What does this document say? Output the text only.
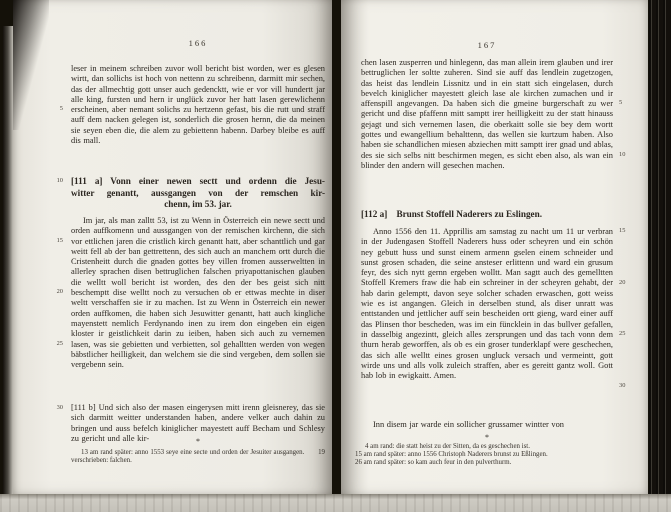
166

leser in meinem schreiben zuvor woll bericht bist worden, wer es glesen wirtt, dan sollichs ist hoch von nettenn zu schreibenn, darmitt mir sechen, das der allmechtig gott unser auch gedencktt, wie er vor vill hundertt jar alle king, fursten und hern ir unglück zuvor her hatt lasen gerewlichenn erscheinen, aber nemant solichs zu hertzenn gefast, bis die rutt und straff auff dem nacken gelegen ist, sonderlich die grosen hernn, die da meinen sie seyen eben die, die alem zu gebiettenn habenn. Darbey bleibe es auff dis mall.

[111 a] Vonn einer newen sectt und ordenn die Jesu-
witter genantt, aussgangen von der remschen kir-
chenn, im 53. jar.

Im jar, als man zalltt 53, ist zu Wenn in Österreich ein newe sectt und orden auffkomenn und aussgangen von der remischen kirchenn, die sich vor ettlichen jaren die cristlich kirch genantt hatt, aber schanttlich und gar weitt fell ab der ban gettrettenn, des sich auch an manchem ortt durch die Cristenheitt durch die gnaden gottes bey villen fromen ausserweltten in allerley sprachen disen bettruglichen falschen priyapottanischen glauben die welltt woll bericht ist worden, des den der bes geist sich nitt beschemptt dise welltt noch zu versuchen ob er ettwas mechte in diser weltt verschaffen sie ir zu machen. Ist zu Wenn in Österreich ein newer orden auffkomen, die haben sich Jesuwitter genantt, hatt auch kingliche mayenstett nemlich Ferdynando inen zu irem don eingeben ein eigen kloster ir geistlichkeit darin zu ieiben, haben sich auch zu vernemen lasen, was sie gebietten und verbietten, sol gehalltten werden von wegen bäbstlicher heilligkeit, dan welchem sie die sind vergeben, dem sollen sie vergebenn sein.

[111 b] Und sich also der masen eingerysen mitt irenn gleisnerey, das sie sich darmitt weitter understanden haben, andere velker auch dahin zu bringen und auss befelch kiniglicher mayestett auff Becham und Schlesy zu gericht und alle kir-	*

13 am rand später: anno 1553 seye eine secte und orden der Jesuiter ausgangen.  19 verschrieben: falchen.

5
10
15
20
25
30
167

chen lasen zusperren und hinlegenn, das man allein irem glauben und irer bettruglichen ler soltte zuheren. Sind sie auff das lendlein zugetzogen, das heist das lendlein Lissnitz und in ein statt sich eingelasen, durch bevelch kiniglicher mayestett gleich lase ale kirchen zumachen und ir affenspill angevangen. Da haben sich die gmeine burgerschaft zu wer gericht und dise pfaffenn mitt samptt irer heilligkeitt zu der statt hinauss gejagt und sich vernemen lasen, die oberkaitt solle sie bey dem wortt gottes und ewangellium behalttenn, das wellen sie kurtzum haben. Also haben sie schandlichen miesen abziechen mitt samptt irer gnad und ablas, des sie sich selbs nitt beschirmen megen, es sicht eben also, als wan ein blinder den andern will gesechen machen.

[112 a]  Brunst Stoffell Naderers zu Eslingen.

Anno 1556 den 11. Apprillis am samstag zu nacht um 11 ur verbran in der Judengasen Stoffell Naderers huss oder scheyren und ein schön ney gebutt huss und sunst einem armenn gselen einem schneider und sunst grosen schaden, die seine ansteser erlittenn und ward ein grusum feyr, des sich nytt gernn ergeben wolltt. Man sagtt auch des gemelltten Stoffell Kremers fraw die hab ein schreiner in der scheyren gehabt, der hab darin gelemptt, davon seye solcher schaden erwaschen, gott weiss wie es ist angangen. Gleich in derselben stund, als diser unratt was enttstanden und jettlicher auff sein bescheiden ortt gieng, ward einer auff das Plinsen thor bescheden, was im ein füncklein in das bullver gefallen, in dasselbig angezintt, gleich alles zersprungen und das tach vonn dem thurn herab geworffen, als ob es ein groser tunderklapf were geschechen, das sich alle welltt eines grosen ungluck versach und vermeintt, gott wirde uns und alls volk zuleich straffen, aber es gereitt gantz woll. Gott hab lob in ewigkaitt. Amen.

Inn disem jar warde ein sollicher grussamer wintter von

*

4 am rand: die statt heist zu der Sitten, da es geschechen ist.

15 am rand später: anno 1556 Christoph Naderers brunst zu Eßlingen.

26 am rand später: so kam auch feur in den pulverthurm.

5
10
15
20
25
30
